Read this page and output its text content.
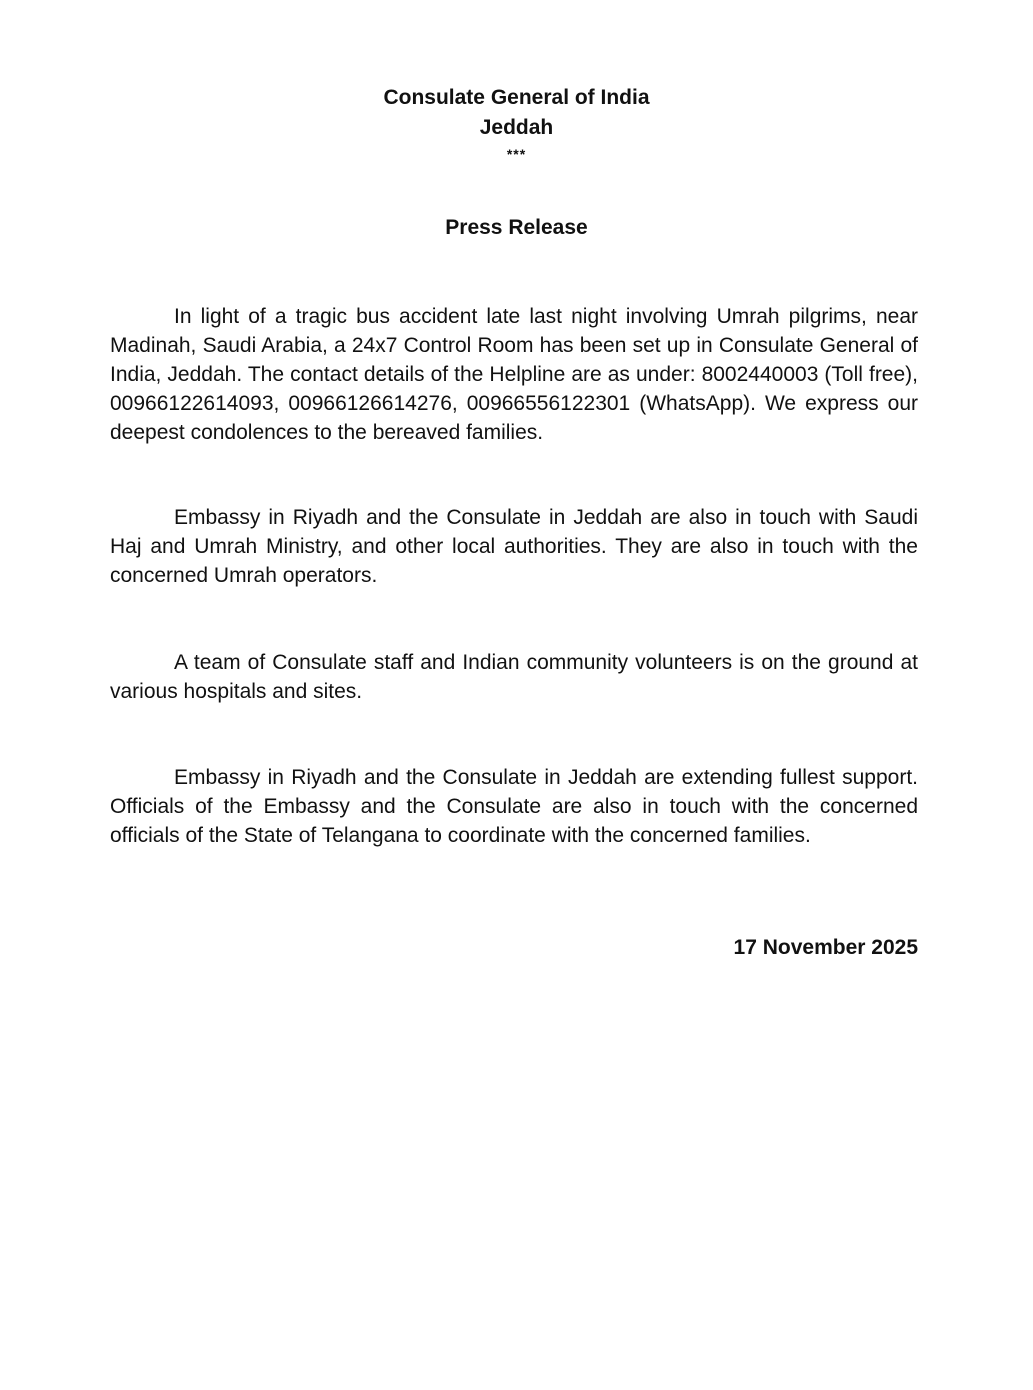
Consulate General of India
Jeddah
***
Press Release

In light of a tragic bus accident late last night involving Umrah pilgrims, near Madinah, Saudi Arabia, a 24x7 Control Room has been set up in Consulate General of India, Jeddah. The contact details of the Helpline are as under: 8002440003 (Toll free), 00966122614093, 00966126614276, 00966556122301 (WhatsApp). We express our deepest condolences to the bereaved families.

Embassy in Riyadh and the Consulate in Jeddah are also in touch with Saudi Haj and Umrah Ministry, and other local authorities. They are also in touch with the concerned Umrah operators.

A team of Consulate staff and Indian community volunteers is on the ground at various hospitals and sites.

Embassy in Riyadh and the Consulate in Jeddah are extending fullest support. Officials of the Embassy and the Consulate are also in touch with the concerned officials of the State of Telangana to coordinate with the concerned families.

17 November 2025
